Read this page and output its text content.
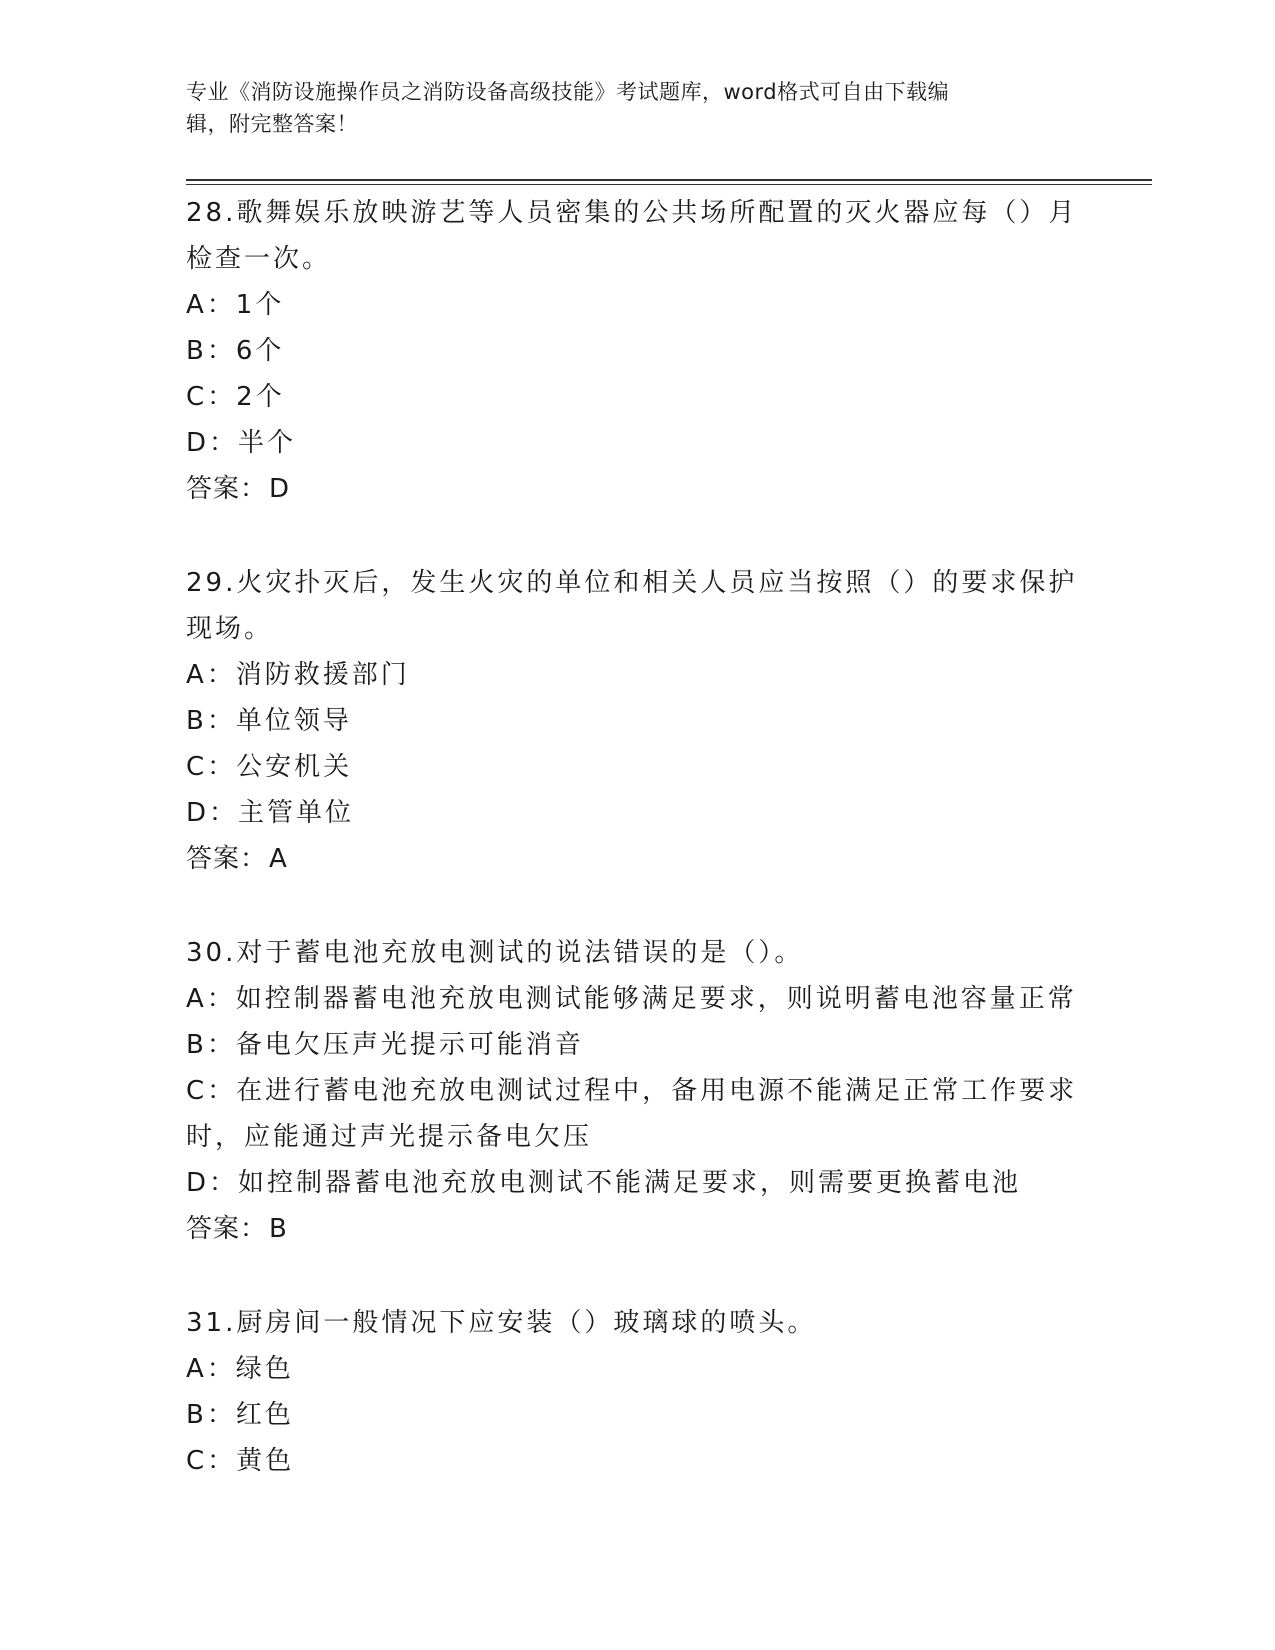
专业《消防设施操作员之消防设备高级技能》考试题库，word格式可自由下载编
辑，附完整答案！
28.歌舞娱乐放映游艺等人员密集的公共场所配置的灭火器应每（）月
检查一次。
A：1个
B：6个
C：2个
D：半个
答案：D
29.火灾扑灭后，发生火灾的单位和相关人员应当按照（）的要求保护
现场。
A：消防救援部门
B：单位领导
C：公安机关
D：主管单位
答案：A
30.对于蓄电池充放电测试的说法错误的是（）。
A：如控制器蓄电池充放电测试能够满足要求，则说明蓄电池容量正常
B：备电欠压声光提示可能消音
C：在进行蓄电池充放电测试过程中，备用电源不能满足正常工作要求
时，应能通过声光提示备电欠压
D：如控制器蓄电池充放电测试不能满足要求，则需要更换蓄电池
答案：B
31.厨房间一般情况下应安装（）玻璃球的喷头。
A：绿色
B：红色
C：黄色
